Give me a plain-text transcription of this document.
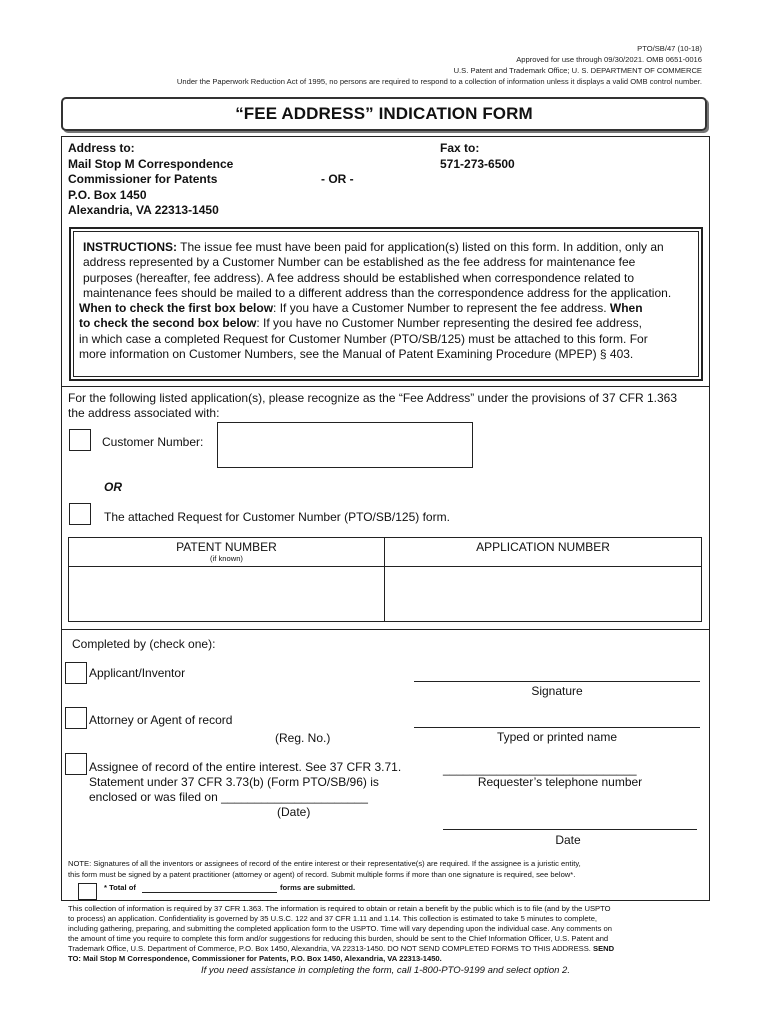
PTO/SB/47 (10-18)
Approved for use through 09/30/2021. OMB 0651-0016
U.S. Patent and Trademark Office; U. S. DEPARTMENT OF COMMERCE
Under the Paperwork Reduction Act of 1995, no persons are required to respond to a collection of information unless it displays a valid OMB control number.
“FEE ADDRESS” INDICATION FORM
Address to:
Mail Stop M Correspondence
Commissioner for Patents
P.O. Box 1450
Alexandria, VA 22313-1450
- OR -
Fax to:
571-273-6500
INSTRUCTIONS: The issue fee must have been paid for application(s) listed on this form. In addition, only an
address represented by a Customer Number can be established as the fee address for maintenance fee
purposes (hereafter, fee address). A fee address should be established when correspondence related to
maintenance fees should be mailed to a different address than the correspondence address for the application.
When to check the first box below: If you have a Customer Number to represent the fee address. When
to check the second box below: If you have no Customer Number representing the desired fee address,
in which case a completed Request for Customer Number (PTO/SB/125) must be attached to this form. For
more information on Customer Numbers, see the Manual of Patent Examining Procedure (MPEP) § 403.
For the following listed application(s), please recognize as the “Fee Address” under the provisions of 37 CFR 1.363
the address associated with:
Customer Number:
OR
The attached Request for Customer Number (PTO/SB/125) form.
PATENT NUMBER
(if known)
APPLICATION NUMBER
Completed by (check one):
Applicant/Inventor
Attorney or Agent of record
(Reg. No.)
Assignee of record of the entire interest. See 37 CFR 3.71.
Statement under 37 CFR 3.73(b) (Form PTO/SB/96) is
enclosed or was filed on ______________________
(Date)
Signature
Typed or printed name
_____________________________
Requester’s telephone number
Date
NOTE: Signatures of all the inventors or assignees of record of the entire interest or their representative(s) are required. If the assignee is a juristic entity,
this form must be signed by a patent practitioner (attorney or agent) of record. Submit multiple forms if more than one signature is required, see below*.
* Total of	forms are submitted.
This collection of information is required by 37 CFR 1.363. The information is required to obtain or retain a benefit by the public which is to file (and by the USPTO
to process) an application. Confidentiality is governed by 35 U.S.C. 122 and 37 CFR 1.11 and 1.14. This collection is estimated to take 5 minutes to complete,
including gathering, preparing, and submitting the completed application form to the USPTO. Time will vary depending upon the individual case. Any comments on
the amount of time you require to complete this form and/or suggestions for reducing this burden, should be sent to the Chief Information Officer, U.S. Patent and
Trademark Office, U.S. Department of Commerce, P.O. Box 1450, Alexandria, VA 22313-1450. DO NOT SEND COMPLETED FORMS TO THIS ADDRESS. SEND
TO: Mail Stop M Correspondence, Commissioner for Patents, P.O. Box 1450, Alexandria, VA 22313-1450.
If you need assistance in completing the form, call 1-800-PTO-9199 and select option 2.
